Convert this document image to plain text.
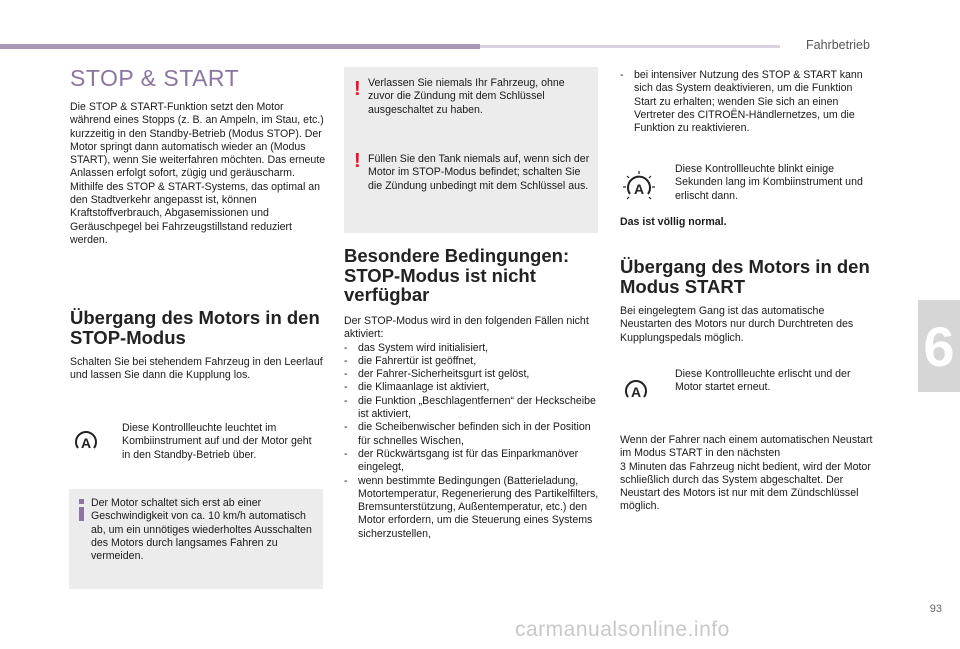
Fahrbetrieb
6
93
carmanualsonline.info
STOP & START

Die STOP & START-Funktion setzt den Motor während eines Stopps (z. B. an Ampeln, im Stau, etc.) kurzzeitig in den Standby-Betrieb (Modus STOP). Der Motor springt dann automatisch wieder an (Modus START), wenn Sie weiterfahren möchten. Das erneute Anlassen erfolgt sofort, zügig und geräuscharm.

Mithilfe des STOP & START-Systems, das optimal an den Stadtverkehr angepasst ist, können Kraftstoffverbrauch, Abgasemissionen und Geräuschpegel bei Fahrzeugstillstand reduziert werden.

Übergang des Motors in den STOP-Modus

Schalten Sie bei stehendem Fahrzeug in den Leerlauf und lassen Sie dann die Kupplung los.

A

Diese Kontrollleuchte leuchtet im Kombiinstrument auf und der Motor geht in den Standby-Betrieb über.

Der Motor schaltet sich erst ab einer Geschwindigkeit von ca. 10 km/h automatisch ab, um ein unnötiges wiederholtes Ausschalten des Motors durch langsames Fahren zu vermeiden.
! Verlassen Sie niemals Ihr Fahrzeug, ohne zuvor die Zündung mit dem Schlüssel ausgeschaltet zu haben.
! Füllen Sie den Tank niemals auf, wenn sich der Motor im STOP-Modus befindet; schalten Sie die Zündung unbedingt mit dem Schlüssel aus.

Besondere Bedingungen: STOP-Modus ist nicht verfügbar

Der STOP-Modus wird in den folgenden Fällen nicht aktiviert:

- das System wird initialisiert,
- die Fahrertür ist geöffnet,
- der Fahrer-Sicherheitsgurt ist gelöst,
- die Klimaanlage ist aktiviert,
- die Funktion „Beschlagentfernen“ der Heckscheibe ist aktiviert,
- die Scheibenwischer befinden sich in der Position für schnelles Wischen,
- der Rückwärtsgang ist für das Einparkmanöver eingelegt,
- wenn bestimmte Bedingungen (Batterieladung, Motortemperatur, Regenerierung des Partikelfilters, Bremsunterstützung, Außentemperatur, etc.) den Motor erfordern, um die Steuerung eines Systems sicherzustellen,
- bei intensiver Nutzung des STOP & START kann sich das System deaktivieren, um die Funktion Start zu erhalten; wenden Sie sich an einen Vertreter des CITROËN-Händlernetzes, um die Funktion zu reaktivieren.
A

Diese Kontrollleuchte blinkt einige Sekunden lang im Kombiinstrument und erlischt dann.

Das ist völlig normal.

Übergang des Motors in den Modus START

Bei eingelegtem Gang ist das automatische Neustarten des Motors nur durch Durchtreten des Kupplungspedals möglich.

A

Diese Kontrollleuchte erlischt und der Motor startet erneut.

Wenn der Fahrer nach einem automatischen Neustart im Modus START in den nächsten

3 Minuten das Fahrzeug nicht bedient, wird der Motor schließlich durch das System abgeschaltet. Der Neustart des Motors ist nur mit dem Zündschlüssel möglich.
